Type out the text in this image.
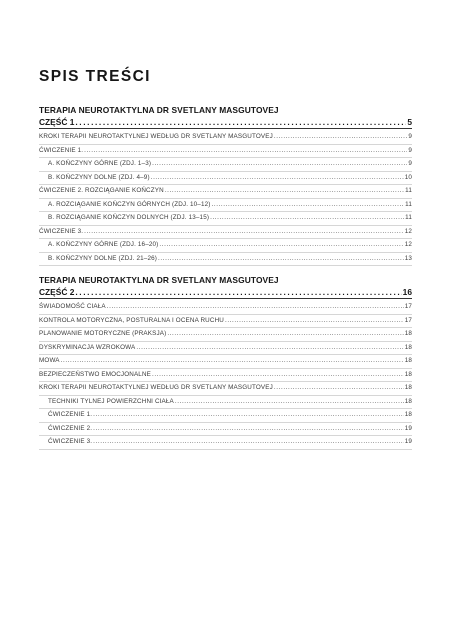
SPIS TREŚCI
TERAPIA NEUROTAKTYLNA DR SVETLANY MASGUTOVEJ
CZĘŚĆ 1 .....	5
KROKI TERAPII NEUROTAKTYLNEJ WEDŁUG DR SVETLANY MASGUTOVEJ .....	9
ĆWICZENIE 1. .....	9
A. KOŃCZYNY GÓRNE (ZDJ. 1–3) .....	9
B. KOŃCZYNY DOLNE (ZDJ. 4–9) .....	10
ĆWICZENIE 2. ROZCIĄGANIE KOŃCZYN .....	11
A. ROZCIĄGANIE KOŃCZYN GÓRNYCH (ZDJ. 10–12) .....	11
B. ROZCIĄGANIE KOŃCZYN DOLNYCH (ZDJ. 13–15) .....	11
ĆWICZENIE 3. .....	12
A. KOŃCZYNY GÓRNE (ZDJ. 16–20) .....	12
B. KOŃCZYNY DOLNE (ZDJ. 21–26) .....	13
TERAPIA NEUROTAKTYLNA DR SVETLANY MASGUTOVEJ
CZĘŚĆ 2 .....	16
ŚWIADOMOŚĆ CIAŁA .....	17
KONTROLA MOTORYCZNA, POSTURALNA I OCENA RUCHU .....	17
PLANOWANIE MOTORYCZNE (PRAKSJA) .....	18
DYSKRYMINACJA WZROKOWA .....	18
MOWA .....	18
BEZPIECZEŃSTWO EMOCJONALNE .....	18
KROKI TERAPII NEUROTAKTYLNEJ WEDŁUG DR SVETLANY MASGUTOVEJ .....	18
TECHNIKI TYLNEJ POWIERZCHNI CIAŁA .....	18
ĆWICZENIE 1. .....	18
ĆWICZENIE 2. .....	19
ĆWICZENIE 3. .....	19
